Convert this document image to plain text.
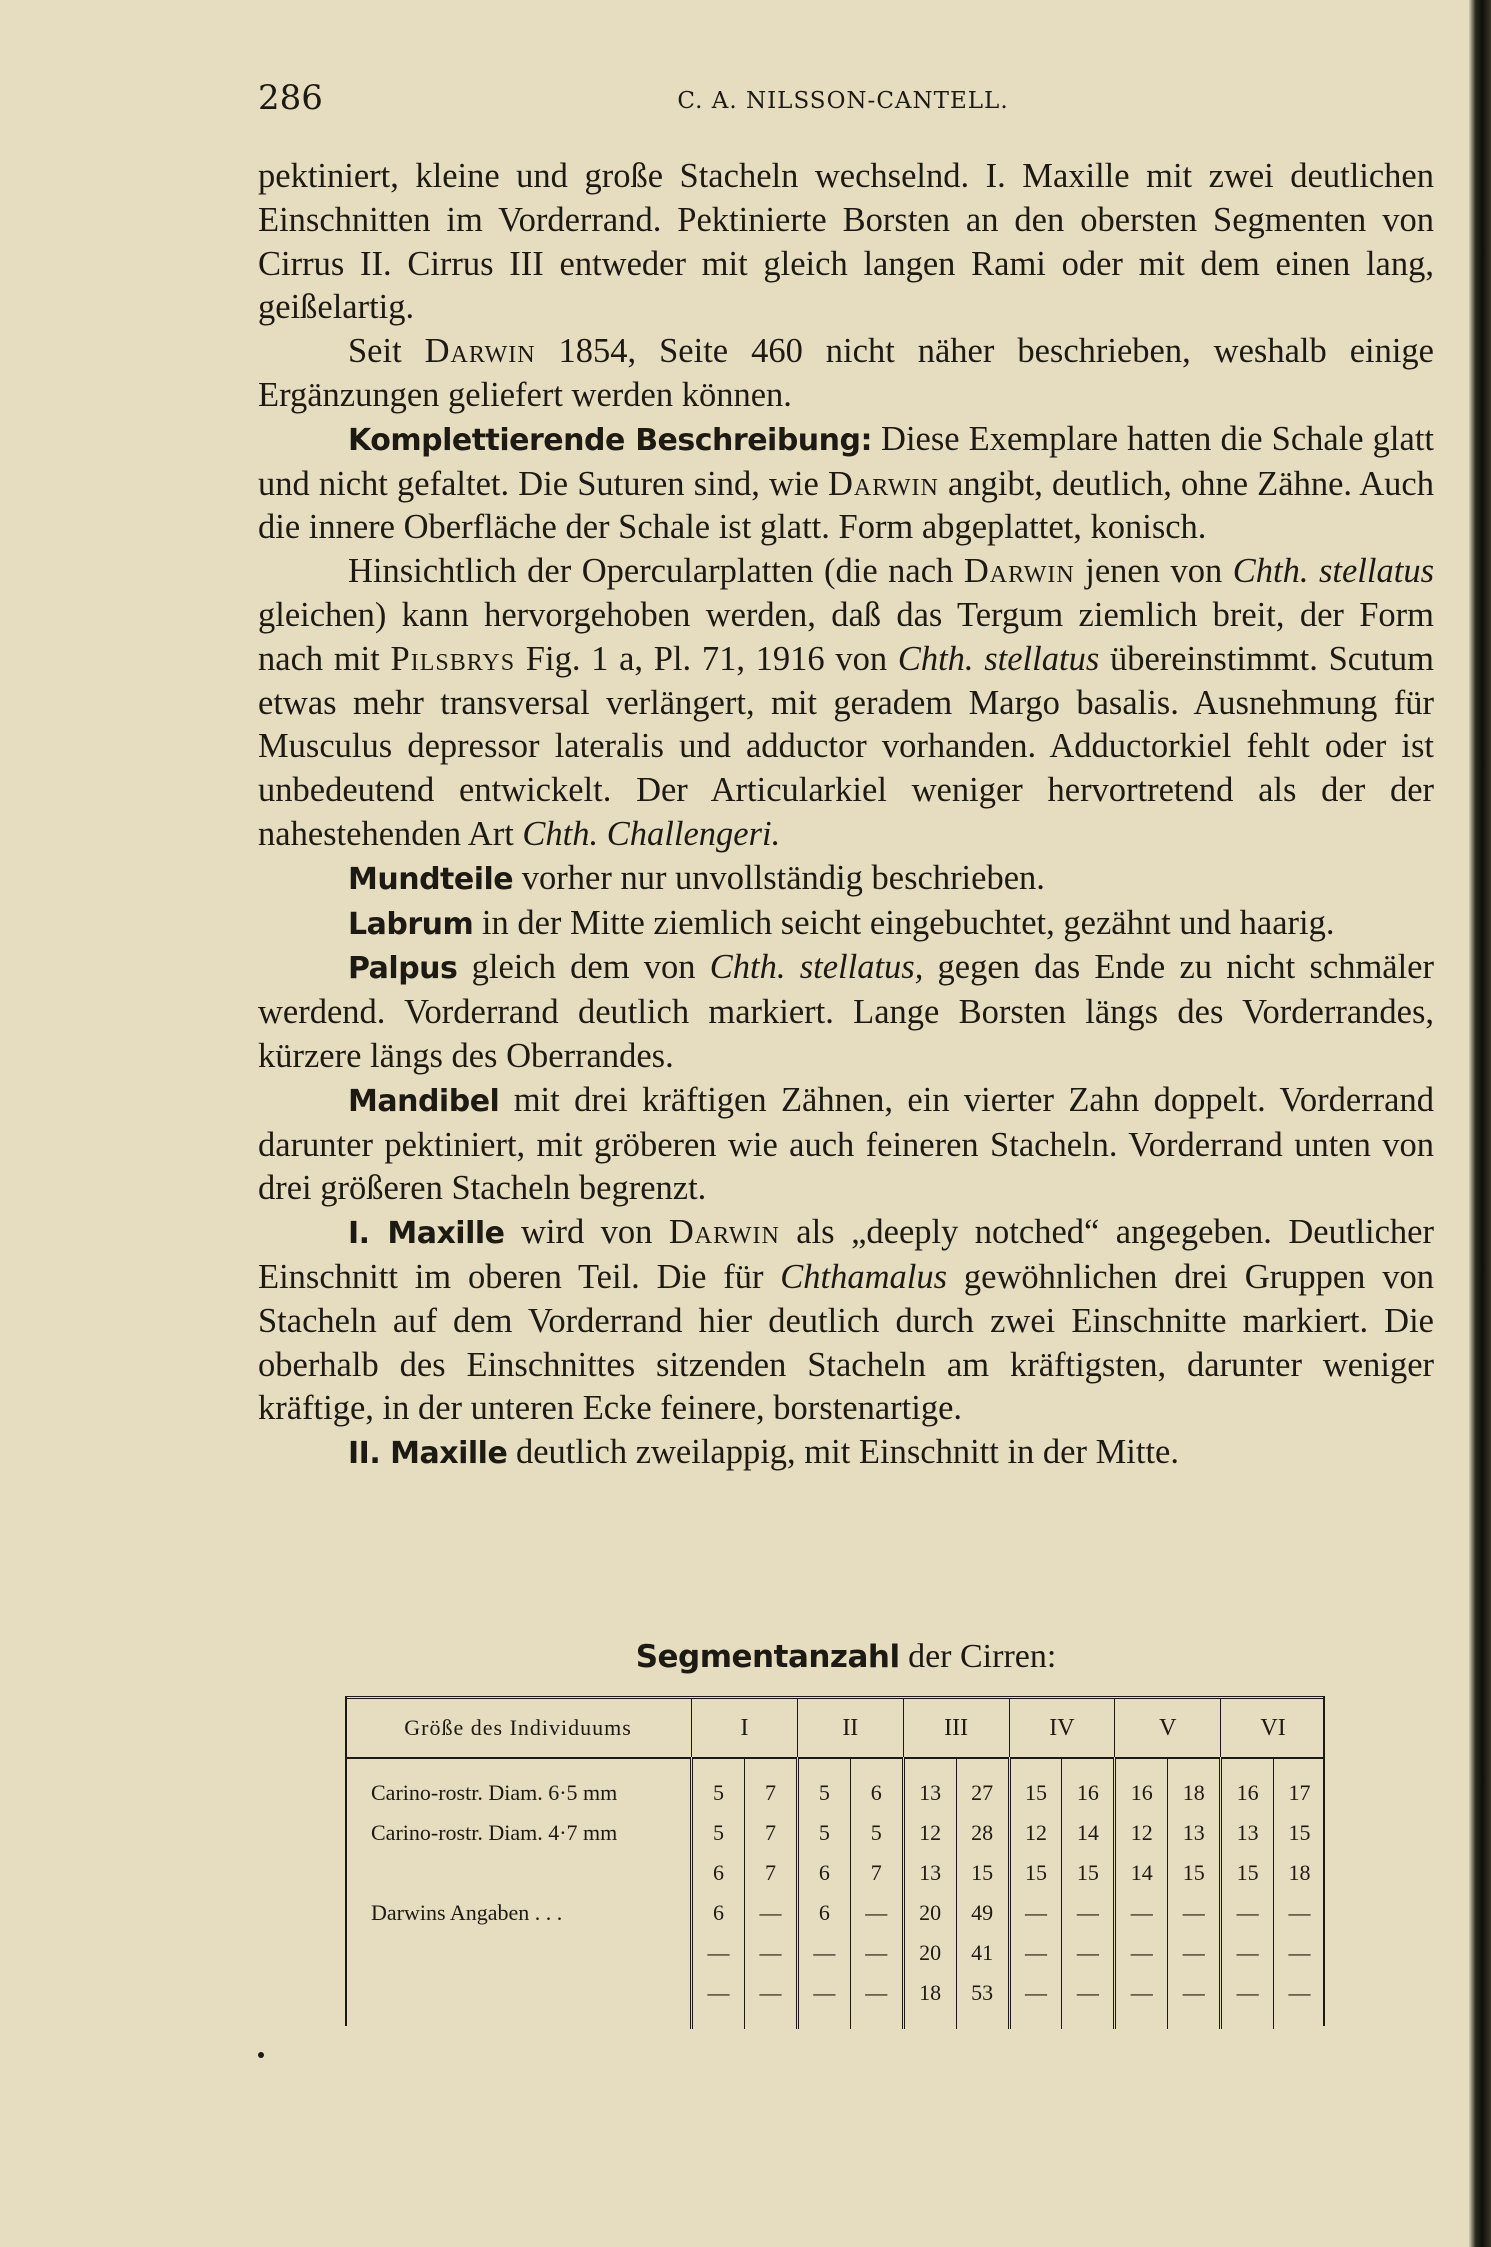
286	C. A. NILSSON-CANTELL.

pektiniert, kleine und große Stacheln wechselnd. I. Maxille mit zwei deutlichen Einschnitten im Vorderrand. Pektinierte Borsten an den obersten Segmenten von Cirrus II. Cirrus III entweder mit gleich langen Rami oder mit dem einen lang, geißelartig.

Seit Darwin 1854, Seite 460 nicht näher beschrieben, weshalb einige Ergänzungen geliefert werden können.

Komplettierende Beschreibung: Diese Exemplare hatten die Schale glatt und nicht gefaltet. Die Suturen sind, wie Darwin angibt, deutlich, ohne Zähne. Auch die innere Oberfläche der Schale ist glatt. Form abgeplattet, konisch.

Hinsichtlich der Opercularplatten (die nach Darwin jenen von Chth. stellatus gleichen) kann hervorgehoben werden, daß das Tergum ziemlich breit, der Form nach mit Pilsbrys Fig. 1 a, Pl. 71, 1916 von Chth. stellatus übereinstimmt. Scutum etwas mehr transversal verlängert, mit geradem Margo basalis. Ausnehmung für Musculus depressor lateralis und adductor vorhanden. Adductorkiel fehlt oder ist unbedeutend entwickelt. Der Articularkiel weniger hervortretend als der der nahestehenden Art Chth. Challengeri.

Mundteile vorher nur unvollständig beschrieben.

Labrum in der Mitte ziemlich seicht eingebuchtet, gezähnt und haarig.

Palpus gleich dem von Chth. stellatus, gegen das Ende zu nicht schmäler werdend. Vorderrand deutlich markiert. Lange Borsten längs des Vorderrandes, kürzere längs des Oberrandes.

Mandibel mit drei kräftigen Zähnen, ein vierter Zahn doppelt. Vorderrand darunter pektiniert, mit gröberen wie auch feineren Stacheln. Vorderrand unten von drei größeren Stacheln begrenzt.

I. Maxille wird von Darwin als „deeply notched“ angegeben. Deutlicher Einschnitt im oberen Teil. Die für Chthamalus gewöhnlichen drei Gruppen von Stacheln auf dem Vorderrand hier deutlich durch zwei Einschnitte markiert. Die oberhalb des Einschnittes sitzenden Stacheln am kräftigsten, darunter weniger kräftige, in der unteren Ecke feinere, borstenartige.

II. Maxille deutlich zweilappig, mit Einschnitt in der Mitte.

Segmentanzahl der Cirren:
Größe des Individuums	I		II		III		IV		V		VI	
Carino-rostr. Diam. 6·5 mm	5	7	5	6	13	27	15	16	16	18	16	17
Carino-rostr. Diam. 4·7 mm	5	7	5	5	12	28	12	14	12	13	13	15
	6	7	6	7	13	15	15	15	14	15	15	18
Darwins Angaben . . .	6	—	6	—	20	49	—	—	—	—	—	—
	—	—	—	—	20	41	—	—	—	—	—	—
	—	—	—	—	18	53	—	—	—	—	—	—
